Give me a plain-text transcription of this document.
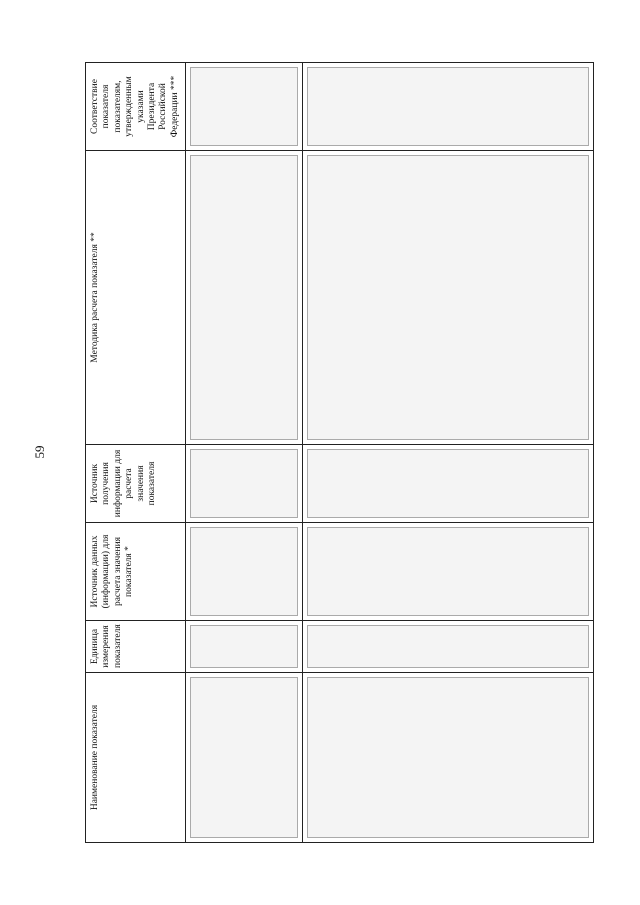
59
Наименование показателя	Единица измерения показателя	Источник данных (информации) для расчета значения показателя *	Источник получения информации для расчета значения показателя	Методика расчета показателя **	Соответствие показателя показателям, утвержденным указами Президента Российской Федерации ***
